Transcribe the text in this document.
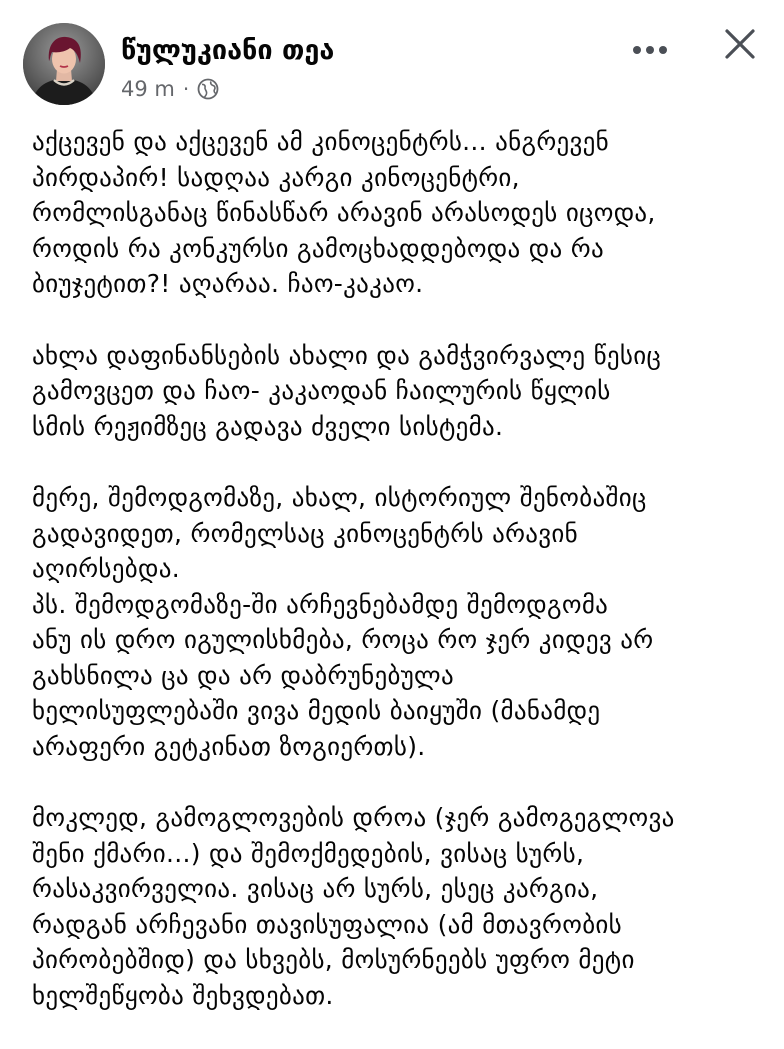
წულუკიანი თეა
49 m ·

აქცევენ და აქცევენ ამ კინოცენტრს... ანგრევენ
პირდაპირ! სადღაა კარგი კინოცენტრი,
რომლისგანაც წინასწარ არავინ არასოდეს იცოდა,
როდის რა კონკურსი გამოცხადდებოდა და რა
ბიუჯეტით?! აღარაა. ჩაო-კაკაო.

ახლა დაფინანსების ახალი და გამჭვირვალე წესიც
გამოვცეთ და ჩაო- კაკაოდან ჩაილურის წყლის
სმის რეჟიმზეც გადავა ძველი სისტემა.

მერე, შემოდგომაზე, ახალ, ისტორიულ შენობაშიც
გადავიდეთ, რომელსაც კინოცენტრს არავინ
აღირსებდა.
პს. შემოდგომაზე-ში არჩევნებამდე შემოდგომა
ანუ ის დრო იგულისხმება, როცა რო ჯერ კიდევ არ
გახსნილა ცა და არ დაბრუნებულა
ხელისუფლებაში ვივა მედის ბაიყუში (მანამდე
არაფერი გეტკინათ ზოგიერთს).

მოკლედ, გამოგლოვების დროა (ჯერ გამოგეგლოვა
შენი ქმარი...) და შემოქმედების, ვისაც სურს,
რასაკვირველია. ვისაც არ სურს, ესეც კარგია,
რადგან არჩევანი თავისუფალია (ამ მთავრობის
პირობებშიდ) და სხვებს, მოსურნეებს უფრო მეტი
ხელშეწყობა შეხვდებათ.
